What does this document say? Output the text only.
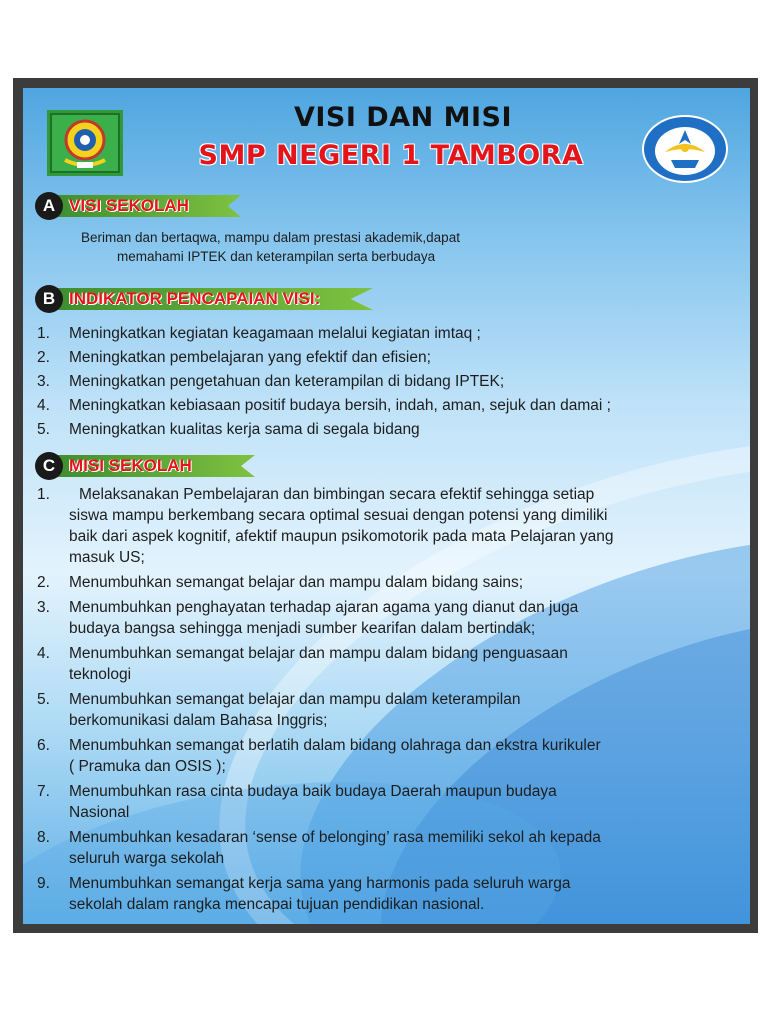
VISI DAN MISI
SMP NEGERI 1 TAMBORA
A VISI SEKOLAH
Beriman dan bertaqwa, mampu dalam prestasi akademik,dapat
memahami IPTEK dan keterampilan serta berbudaya
B INDIKATOR PENCAPAIAN VISI:
1. Meningkatkan kegiatan keagamaan melalui kegiatan imtaq ;
2. Meningkatkan pembelajaran yang efektif dan efisien;
3. Meningkatkan pengetahuan dan keterampilan di bidang IPTEK;
4. Meningkatkan kebiasaan positif budaya bersih, indah, aman, sejuk dan damai ;
5. Meningkatkan kualitas kerja sama di segala bidang
C MISI SEKOLAH
1. Melaksanakan Pembelajaran dan bimbingan secara efektif sehingga setiap
siswa mampu berkembang secara optimal sesuai dengan potensi yang dimiliki
baik dari aspek kognitif, afektif maupun psikomotorik pada mata Pelajaran yang
masuk US;
2. Menumbuhkan semangat belajar dan mampu dalam bidang sains;
3. Menumbuhkan penghayatan terhadap ajaran agama yang dianut dan juga
budaya bangsa sehingga menjadi sumber kearifan dalam bertindak;
4. Menumbuhkan semangat belajar dan mampu dalam bidang penguasaan
teknologi
5. Menumbuhkan semangat belajar dan mampu dalam keterampilan
berkomunikasi dalam Bahasa Inggris;
6. Menumbuhkan semangat berlatih dalam bidang olahraga dan ekstra kurikuler
( Pramuka dan OSIS );
7. Menumbuhkan rasa cinta budaya baik budaya Daerah maupun budaya
Nasional
8. Menumbuhkan kesadaran ‘sense of belonging’ rasa memiliki sekol ah kepada
seluruh warga sekolah
9. Menumbuhkan semangat kerja sama yang harmonis pada seluruh warga
sekolah dalam rangka mencapai tujuan pendidikan nasional.
